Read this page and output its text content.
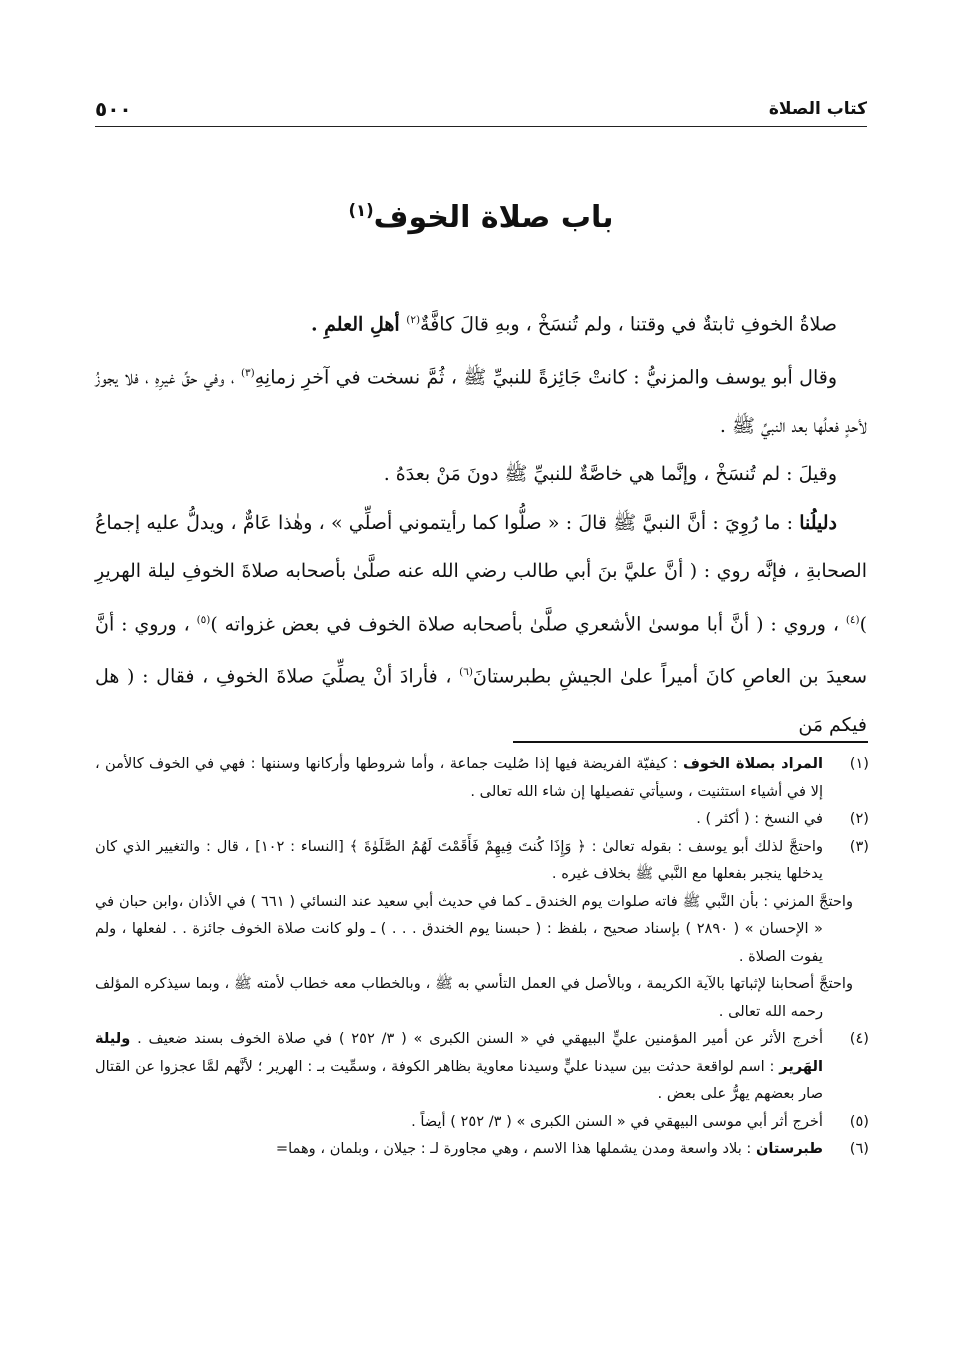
كتاب الصلاة
٥٠٠
باب صلاة الخوف$^{(١)}$

صلاةُ الخوفِ ثابتةٌ في وقتنا ، ولم تُنسَخْ ، وبهِ قالَ كافَّةٌ$^{(٢)}$ أهلِ العلمِ .

وقال أبو يوسف والمزنيُّ : كانتْ جَائِزةً للنبيِّ ﷺ ، ثُمَّ نسخت في آخرِ زمانِهِ$^{(٣)}$ ، وفي حقِّ غيرِهِ ، فلا يجوزُ لأحدٍ فعلُها بعد النبيِّ ﷺ .

وقيلَ : لم تُنسَخْ ، وإنَّما هي خاصَّةٌ للنبيِّ ﷺ دونَ مَنْ بعدَهُ .

دليلُنا : ما رُوِيَ : أنَّ النبيَّ ﷺ قالَ : « صلُّوا كما رأيتموني أصلِّي » ، وهٰذا عَامٌّ ، ويدلُّ عليه إجماعُ الصحابةِ ، فإنَّه روي : ( أنَّ عليَّ بنَ أبي طالب رضي الله عنه صلَّىٰ بأصحابه صلاةَ الخوفِ ليلة الهريرِ )$^{(٤)}$ ، وروي : ( أنَّ أبا موسىٰ الأشعري صلَّىٰ بأصحابه صلاة الخوف في بعض غزواته )$^{(٥)}$ ، وروي : أنَّ سعيدَ بن العاصِ كانَ أميراً علىٰ الجيشِ بطبرستانَ$^{(٦)}$ ، فأرادَ أنْ يصلِّيَ صلاةَ الخوفِ ، فقال : ( هل فيكم مَن

(١)
المراد بصلاة الخوف : كيفيّة الفريضة فيها إذا صُليت جماعة ، وأما شروطها وأركانها وسننها : فهي في الخوف كالأمن ، إلا في أشياء استثنيت ، وسيأتي تفصيلها إن شاء الله تعالى .
(٢)
في النسخ : ( أكثر ) .
(٣)

واحتجَّ لذلك أبو يوسف : بقوله تعالىٰ : ﴿ وَإِذَا كُنتَ فِيهِمْ فَأَقَمْتَ لَهُمُ الصَّلَوٰةَ ﴾ [النساء : ١٠٢] ، قال : والتغيير الذي كان يدخلها ينجبر بفعلها مع النَّبي ﷺ بخلاف غيره .

واحتجَّ المزني : بأن النَّبي ﷺ فاته صلوات يوم الخندق ـ كما في حديث أبي سعيد عند النسائي ( ٦٦١ ) في الأذان ،وابن حبان في « الإحسان » ( ٢٨٩٠ ) بإسناد صحيح ، بلفظ : ( حبسنا يوم الخندق . . . ) ـ ولو كانت صلاة الخوف جائزة . . لفعلها ، ولم يفوت الصلاة .

واحتجَّ أصحابنا لإثباتها بالآية الكريمة ، وبالأصل في العمل التأسي به ﷺ ، وبالخطاب معه خطاب لأمته ﷺ ، وبما سيذكره المؤلف رحمه الله تعالى .

(٤)
أخرج الأثر عن أمير المؤمنين عليٍّ البيهقي في « السنن الكبرى » ( ٣/ ٢٥٢ ) في صلاة الخوف بسند ضعيف . وليلة الهَرير : اسم لواقعة حدثت بين سيدنا عليٍّ وسيدنا معاوية بظاهر الكوفة ، وسمِّيت بـ : الهرير ؛ لأنَّهم لمَّا عجزوا عن القتال صار بعضهم يهرُّ على بعض .
(٥)
أخرج أثر أبي موسى البيهقي في « السنن الكبرى » ( ٣/ ٢٥٢ ) أيضاً .
(٦)
طبرستان : بلاد واسعة ومدن يشملها هذا الاسم ، وهي مجاورة لـ : جيلان ، وبلمان ، وهما=
